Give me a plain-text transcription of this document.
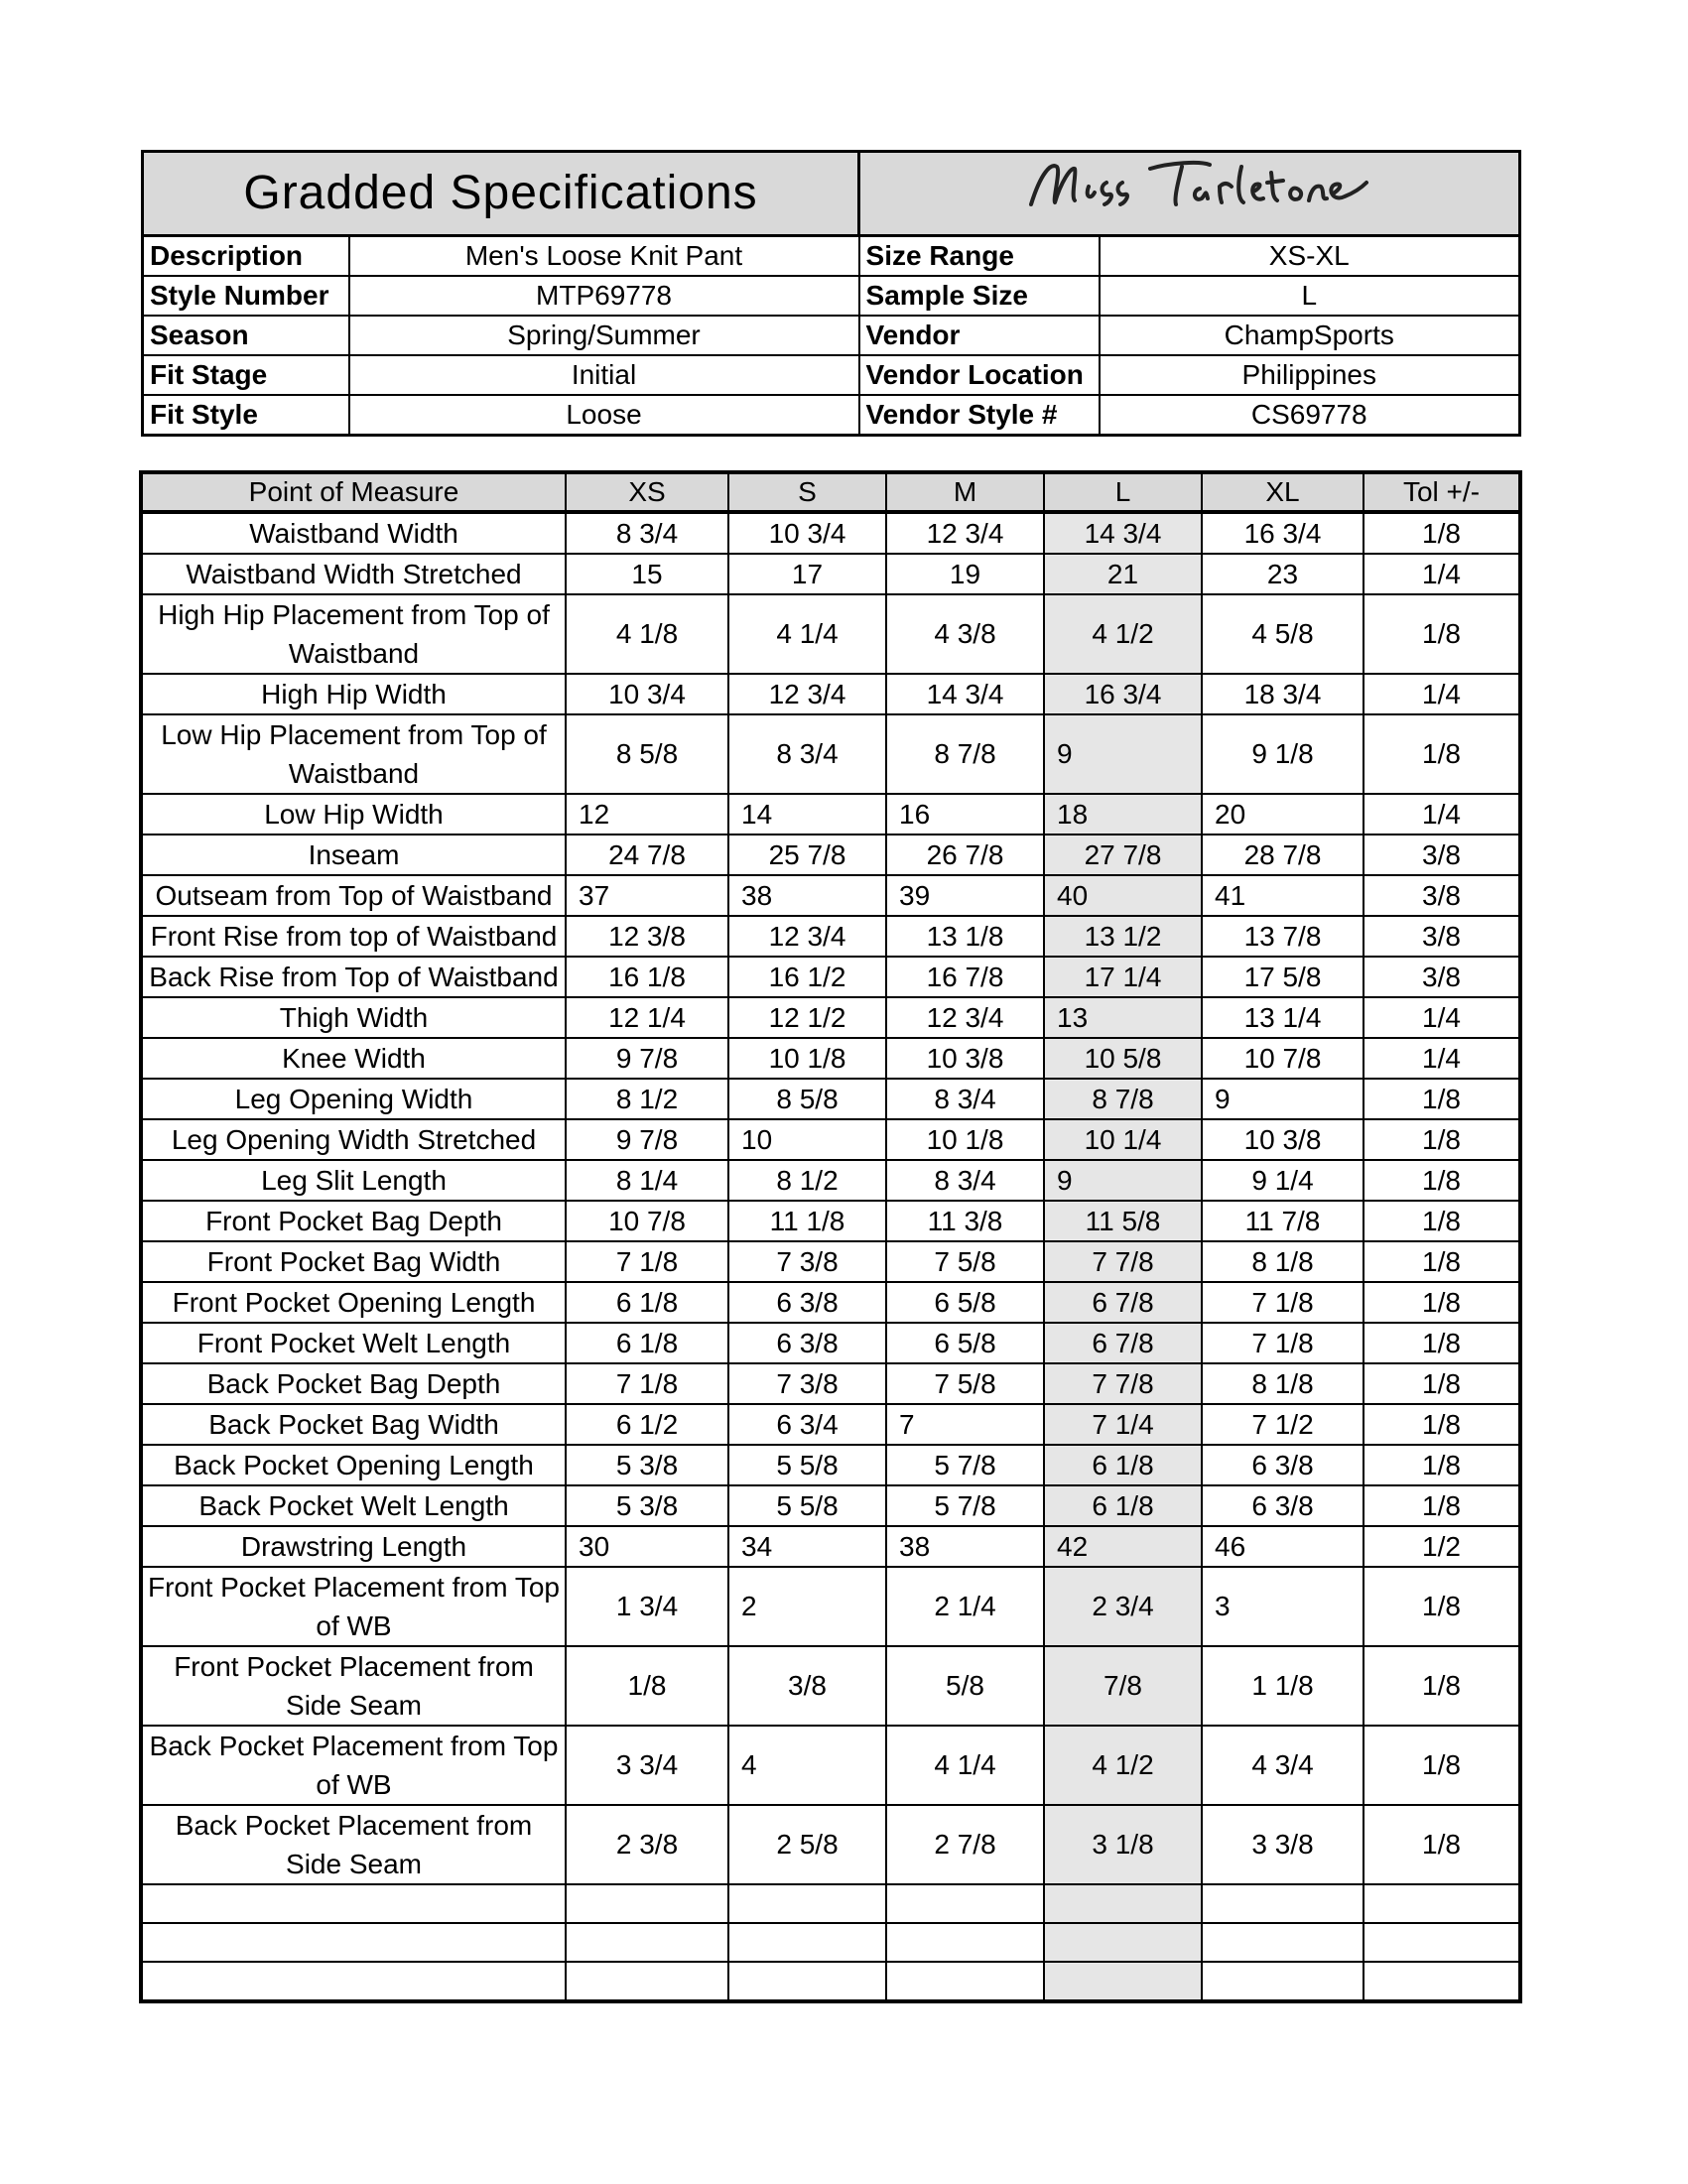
Gradded Specifications	
Description	Men's Loose Knit Pant	Size Range	XS-XL
Style Number	MTP69778	Sample Size	L
Season	Spring/Summer	Vendor	ChampSports
Fit Stage	Initial	Vendor Location	Philippines
Fit Style	Loose	Vendor Style #	CS69778
Point of Measure	XS	S	M	L	XL	Tol +/-
Waistband Width	8 3/4	10 3/4	12 3/4	14 3/4	16 3/4	1/8
Waistband Width Stretched	15	17	19	21	23	1/4
High Hip Placement from Top of Waistband	4 1/8	4 1/4	4 3/8	4 1/2	4 5/8	1/8
High Hip Width	10 3/4	12 3/4	14 3/4	16 3/4	18 3/4	1/4
Low Hip Placement from Top of Waistband	8 5/8	8 3/4	8 7/8	9	9 1/8	1/8
Low Hip Width	12	14	16	18	20	1/4
Inseam	24 7/8	25 7/8	26 7/8	27 7/8	28 7/8	3/8
Outseam from Top of Waistband	37	38	39	40	41	3/8
Front Rise from top of Waistband	12 3/8	12 3/4	13 1/8	13 1/2	13 7/8	3/8
Back Rise from Top of Waistband	16 1/8	16 1/2	16 7/8	17 1/4	17 5/8	3/8
Thigh Width	12 1/4	12 1/2	12 3/4	13	13 1/4	1/4
Knee Width	9 7/8	10 1/8	10 3/8	10 5/8	10 7/8	1/4
Leg Opening Width	8 1/2	8 5/8	8 3/4	8 7/8	9	1/8
Leg Opening Width Stretched	9 7/8	10	10 1/8	10 1/4	10 3/8	1/8
Leg Slit Length	8 1/4	8 1/2	8 3/4	9	9 1/4	1/8
Front Pocket Bag Depth	10 7/8	11 1/8	11 3/8	11 5/8	11 7/8	1/8
Front Pocket Bag Width	7 1/8	7 3/8	7 5/8	7 7/8	8 1/8	1/8
Front Pocket Opening Length	6 1/8	6 3/8	6 5/8	6 7/8	7 1/8	1/8
Front Pocket Welt Length	6 1/8	6 3/8	6 5/8	6 7/8	7 1/8	1/8
Back Pocket Bag Depth	7 1/8	7 3/8	7 5/8	7 7/8	8 1/8	1/8
Back Pocket Bag Width	6 1/2	6 3/4	7	7 1/4	7 1/2	1/8
Back Pocket Opening Length	5 3/8	5 5/8	5 7/8	6 1/8	6 3/8	1/8
Back Pocket Welt Length	5 3/8	5 5/8	5 7/8	6 1/8	6 3/8	1/8
Drawstring Length	30	34	38	42	46	1/2
Front Pocket Placement from Top of WB	1 3/4	2	2 1/4	2 3/4	3	1/8
Front Pocket Placement from Side Seam	1/8	3/8	5/8	7/8	1 1/8	1/8
Back Pocket Placement from Top of WB	3 3/4	4	4 1/4	4 1/2	4 3/4	1/8
Back Pocket Placement from Side Seam	2 3/8	2 5/8	2 7/8	3 1/8	3 3/8	1/8
